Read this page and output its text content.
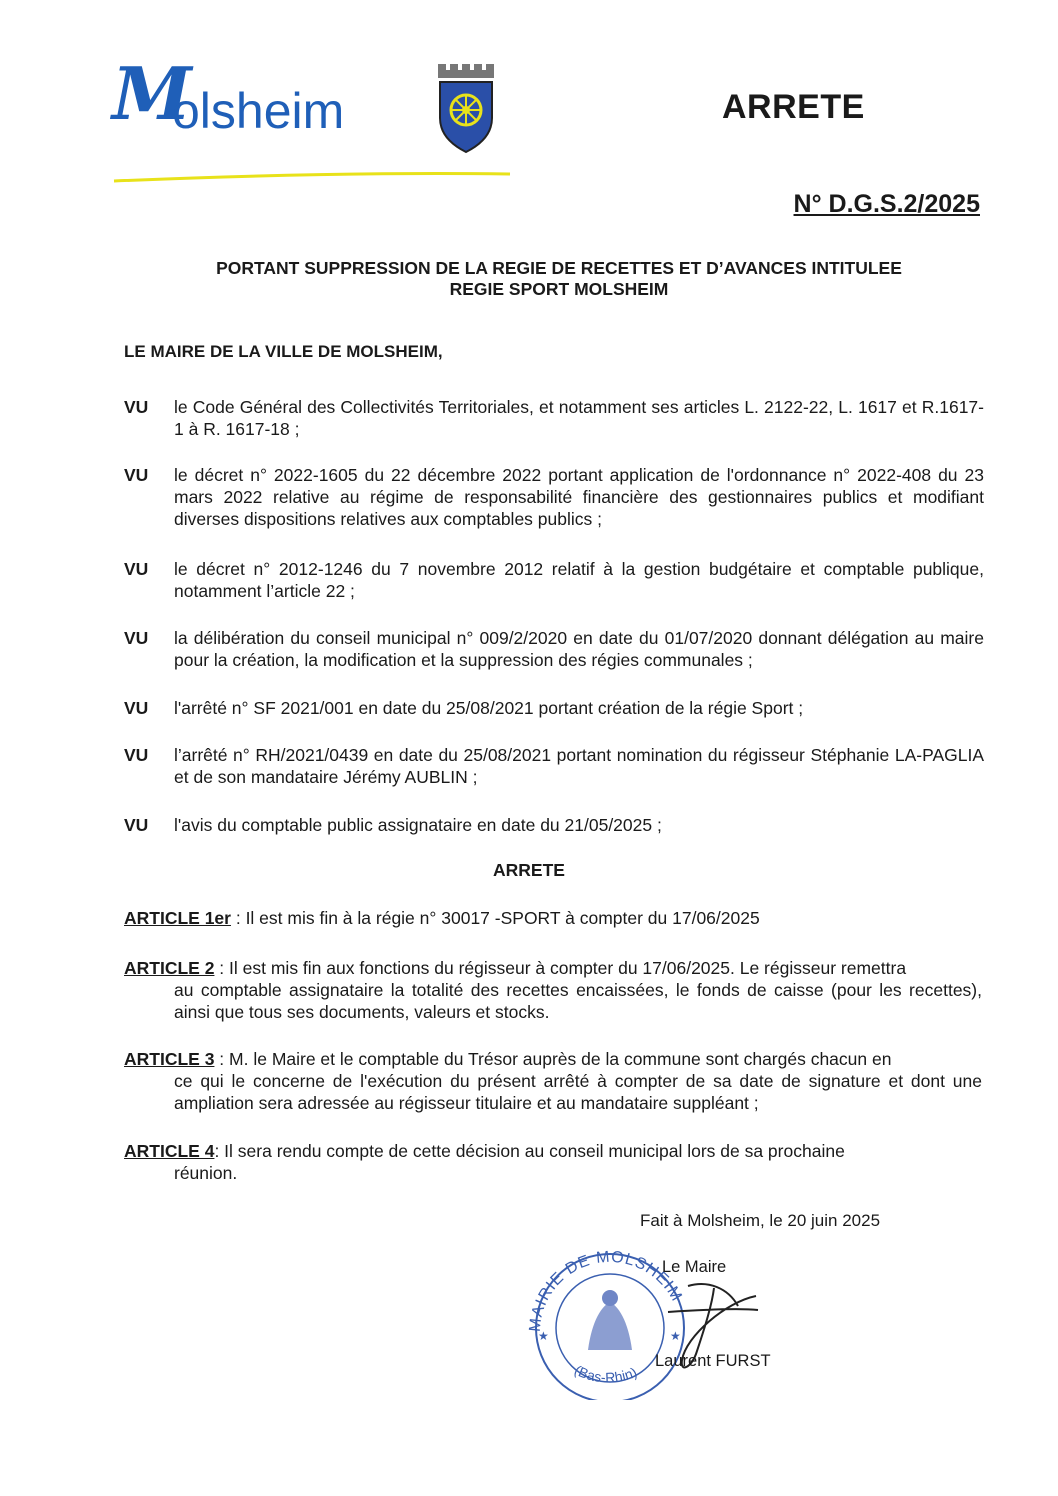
M
olsheim	ARRETE
N° D.G.S.2/2025
PORTANT SUPPRESSION DE LA REGIE DE RECETTES ET D’AVANCES INTITULEE
REGIE SPORT MOLSHEIM
LE MAIRE DE LA VILLE DE MOLSHEIM,
VU le Code Général des Collectivités Territoriales, et notamment ses articles L. 2122-22, L. 1617 et R.1617-1 à R. 1617-18 ;
VU le décret n° 2022-1605 du 22 décembre 2022 portant application de l'ordonnance n° 2022-408 du 23 mars 2022 relative au régime de responsabilité financière des gestionnaires publics et modifiant diverses dispositions relatives aux comptables publics ;
VU le décret n° 2012-1246 du 7 novembre 2012 relatif à la gestion budgétaire et comptable publique, notamment l’article 22 ;
VU la délibération du conseil municipal n° 009/2/2020 en date du 01/07/2020 donnant délégation au maire pour la création, la modification et la suppression des régies communales ;
VU l'arrêté n° SF 2021/001 en date du 25/08/2021 portant création de la régie Sport ;
VU l’arrêté n° RH/2021/0439 en date du 25/08/2021 portant nomination du régisseur Stéphanie LA-PAGLIA et de son mandataire Jérémy AUBLIN ;
VU l'avis du comptable public assignataire en date du 21/05/2025 ;
ARRETE
ARTICLE 1er : Il est mis fin à la régie n° 30017 -SPORT à compter du 17/06/2025
ARTICLE 2 : Il est mis fin aux fonctions du régisseur à compter du 17/06/2025. Le régisseur remettra
au comptable assignataire la totalité des recettes encaissées, le fonds de caisse (pour les recettes), ainsi que tous ses documents, valeurs et stocks.
ARTICLE 3 : M. le Maire et le comptable du Trésor auprès de la commune sont chargés chacun en
ce qui le concerne de l'exécution du présent arrêté à compter de sa date de signature et dont une ampliation sera adressée au régisseur titulaire et au mandataire suppléant ;
ARTICLE 4: Il sera rendu compte de cette décision au conseil municipal lors de sa prochaine
réunion.
Fait à Molsheim, le 20 juin 2025
MAIRIE DE MOLSHEIM
(Bas-Rhin)
★	★
Le Maire
Laurent FURST
